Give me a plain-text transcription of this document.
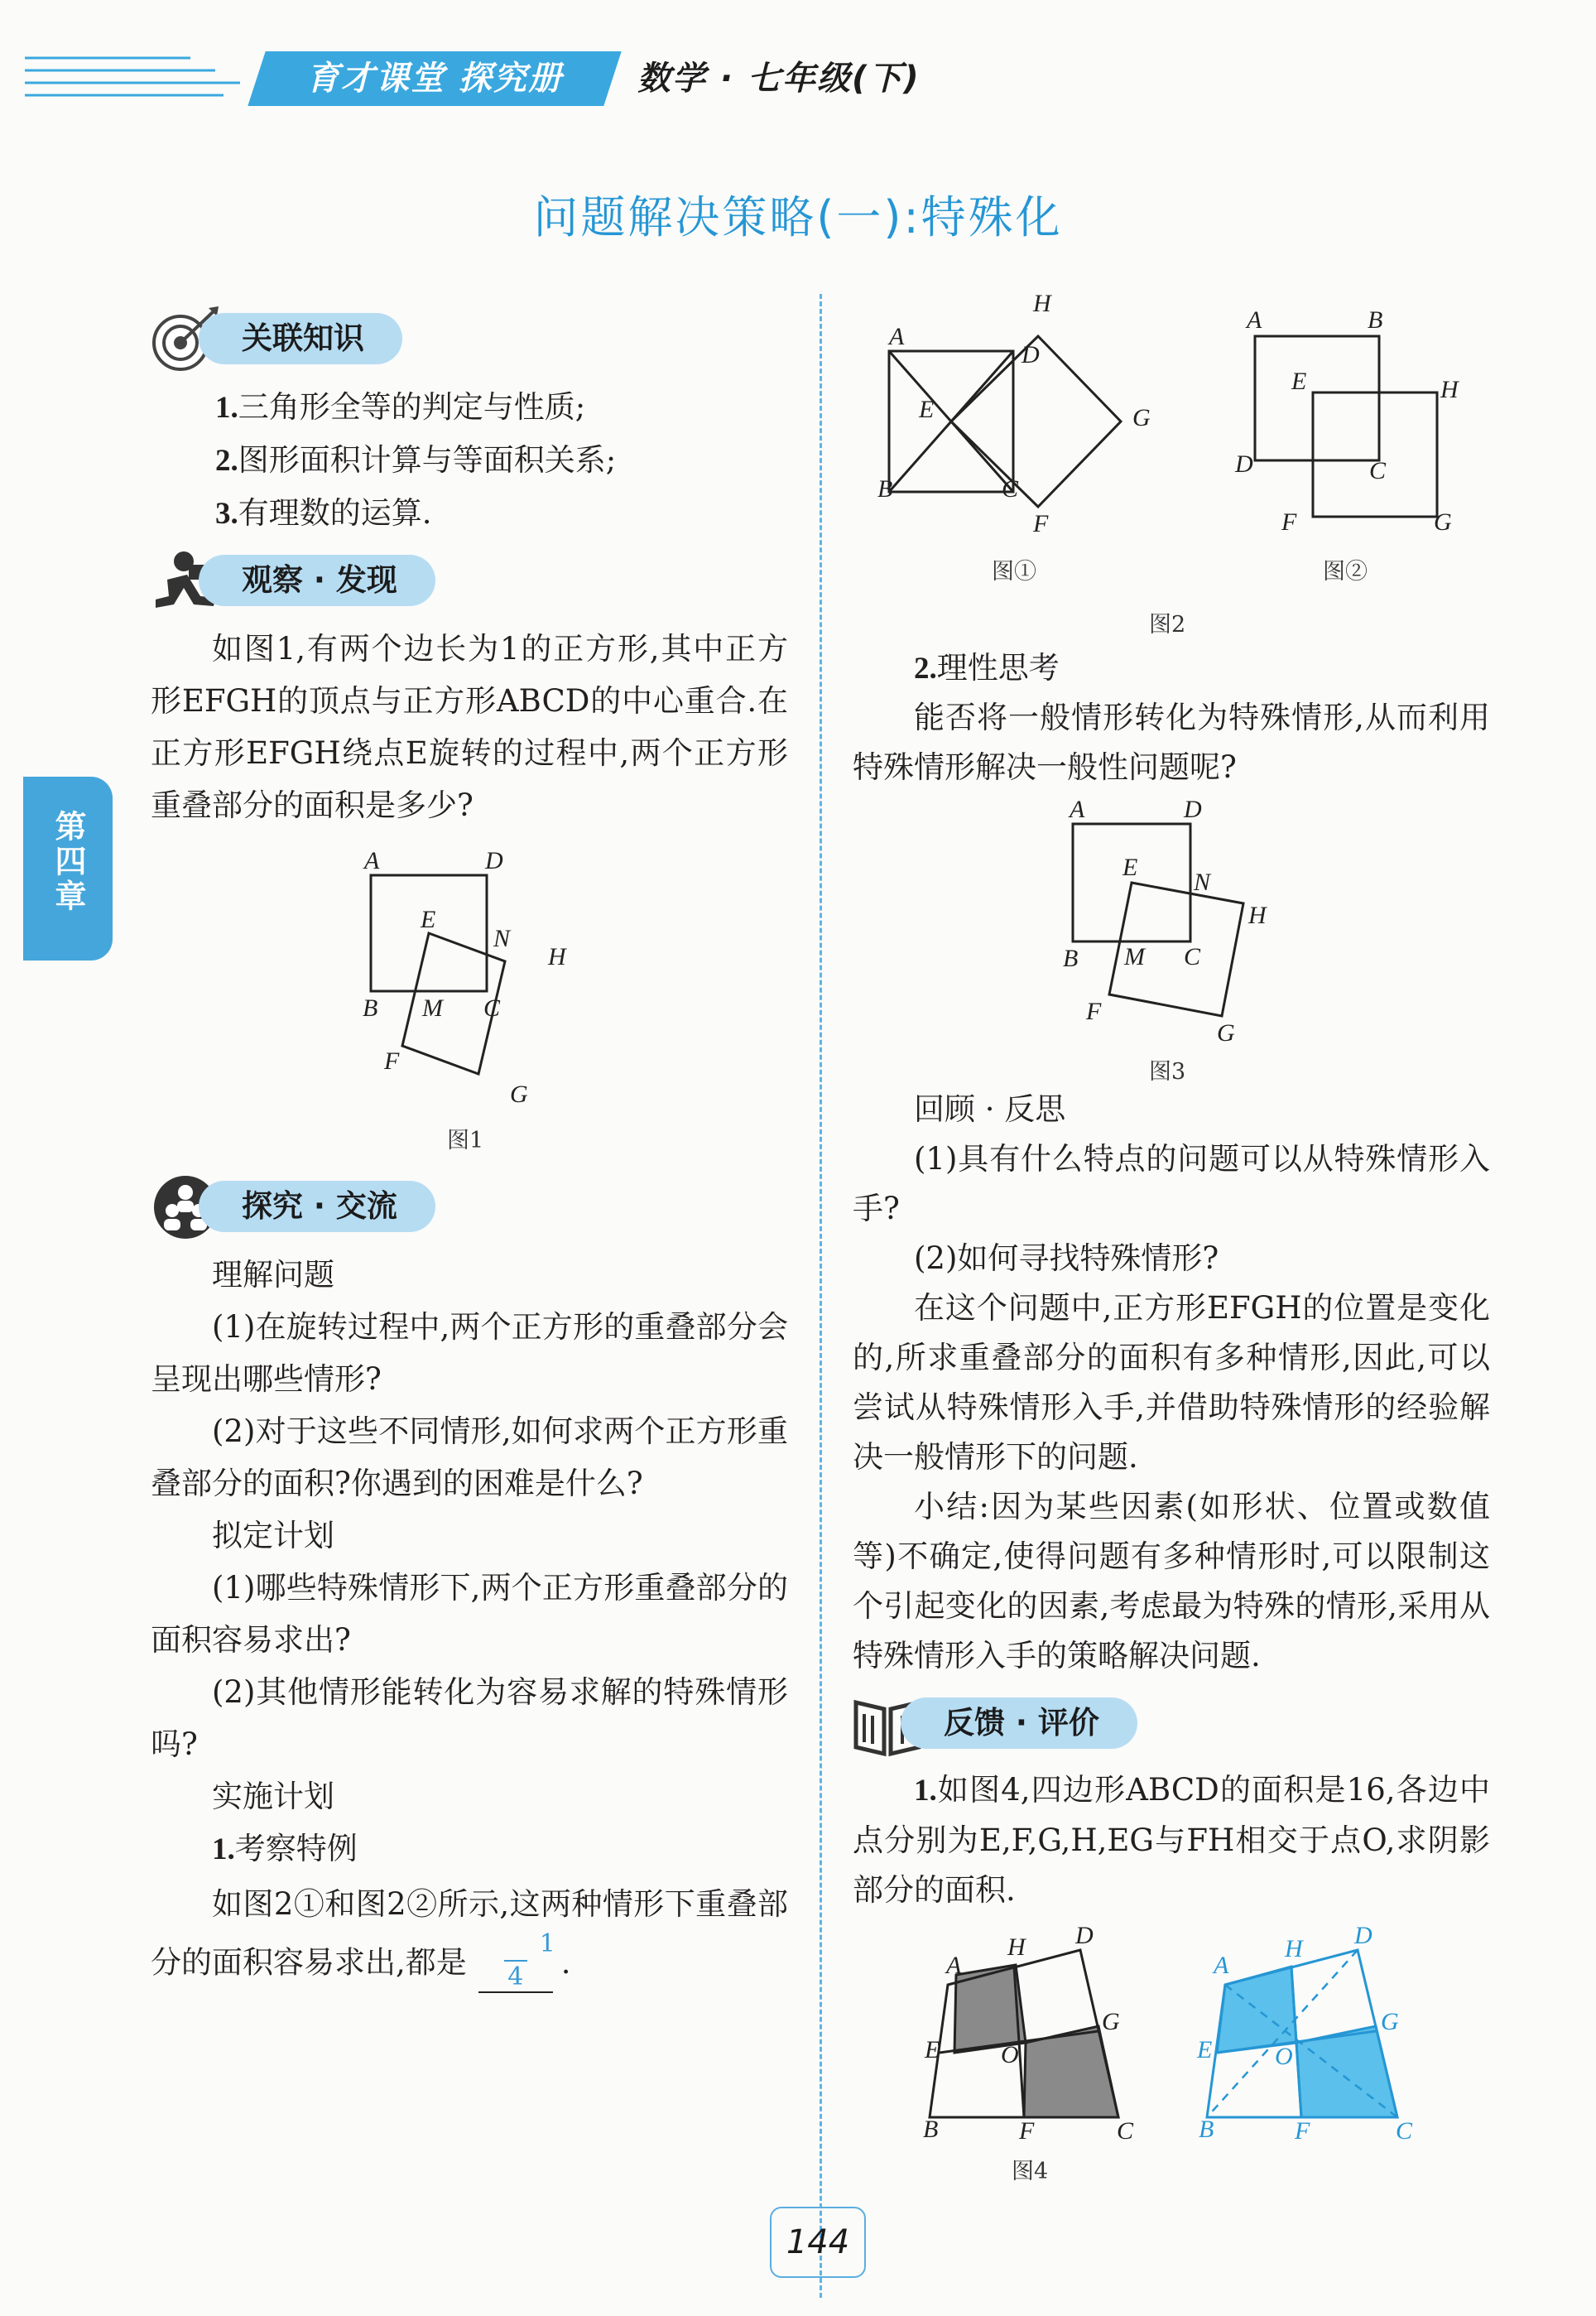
育才课堂 探究册	数学 · 七年级(下)
问题解决策略(一):特殊化
第四章
关联知识

1.三角形全等的判定与性质;

2.图形面积计算与等面积关系;

3.有理数的运算.

观察 · 发现

如图1,有两个边长为1的正方形,其中正方形EFGH的顶点与正方形ABCD的中心重合.在正方形EFGH绕点E旋转的过程中,两个正方形重叠部分的面积是多少?

A	D
E
N
H
B M C
F
G
图1
探究 · 交流

理解问题

(1)在旋转过程中,两个正方形的重叠部分会呈现出哪些情形?

(2)对于这些不同情形,如何求两个正方形重叠部分的面积?你遇到的困难是什么?

拟定计划

(1)哪些特殊情形下,两个正方形重叠部分的面积容易求出?

(2)其他情形能转化为容易求解的特殊情形吗?

实施计划

1.考察特例

如图2①和图2②所示,这两种情形下重叠部分的面积容易求出,都是1
4 .

A
H
D
E	G
B	C
F
图①
A	B
E	H
D	C
F	G
图②
图2

2.理性思考

能否将一般情形转化为特殊情形,从而利用特殊情形解决一般性问题呢?

A	D
E
N
H
B M C
F
G
图3

回顾 · 反思

(1)具有什么特点的问题可以从特殊情形入手?

(2)如何寻找特殊情形?

在这个问题中,正方形EFGH的位置是变化的,所求重叠部分的面积有多种情形,因此,可以尝试从特殊情形入手,并借助特殊情形的经验解决一般情形下的问题.

小结:因为某些因素(如形状、位置或数值等)不确定,使得问题有多种情形时,可以限制这个引起变化的因素,考虑最为特殊的情形,采用从特殊情形入手的策略解决问题.

反馈 · 评价

1.如图4,四边形ABCD的面积是16,各边中点分别为E,F,G,H,EG与FH相交于点O,求阴影部分的面积.

A
H D
E
G
O
B	F	C
A
H D
E
G
O
B	F	C
图4
144
